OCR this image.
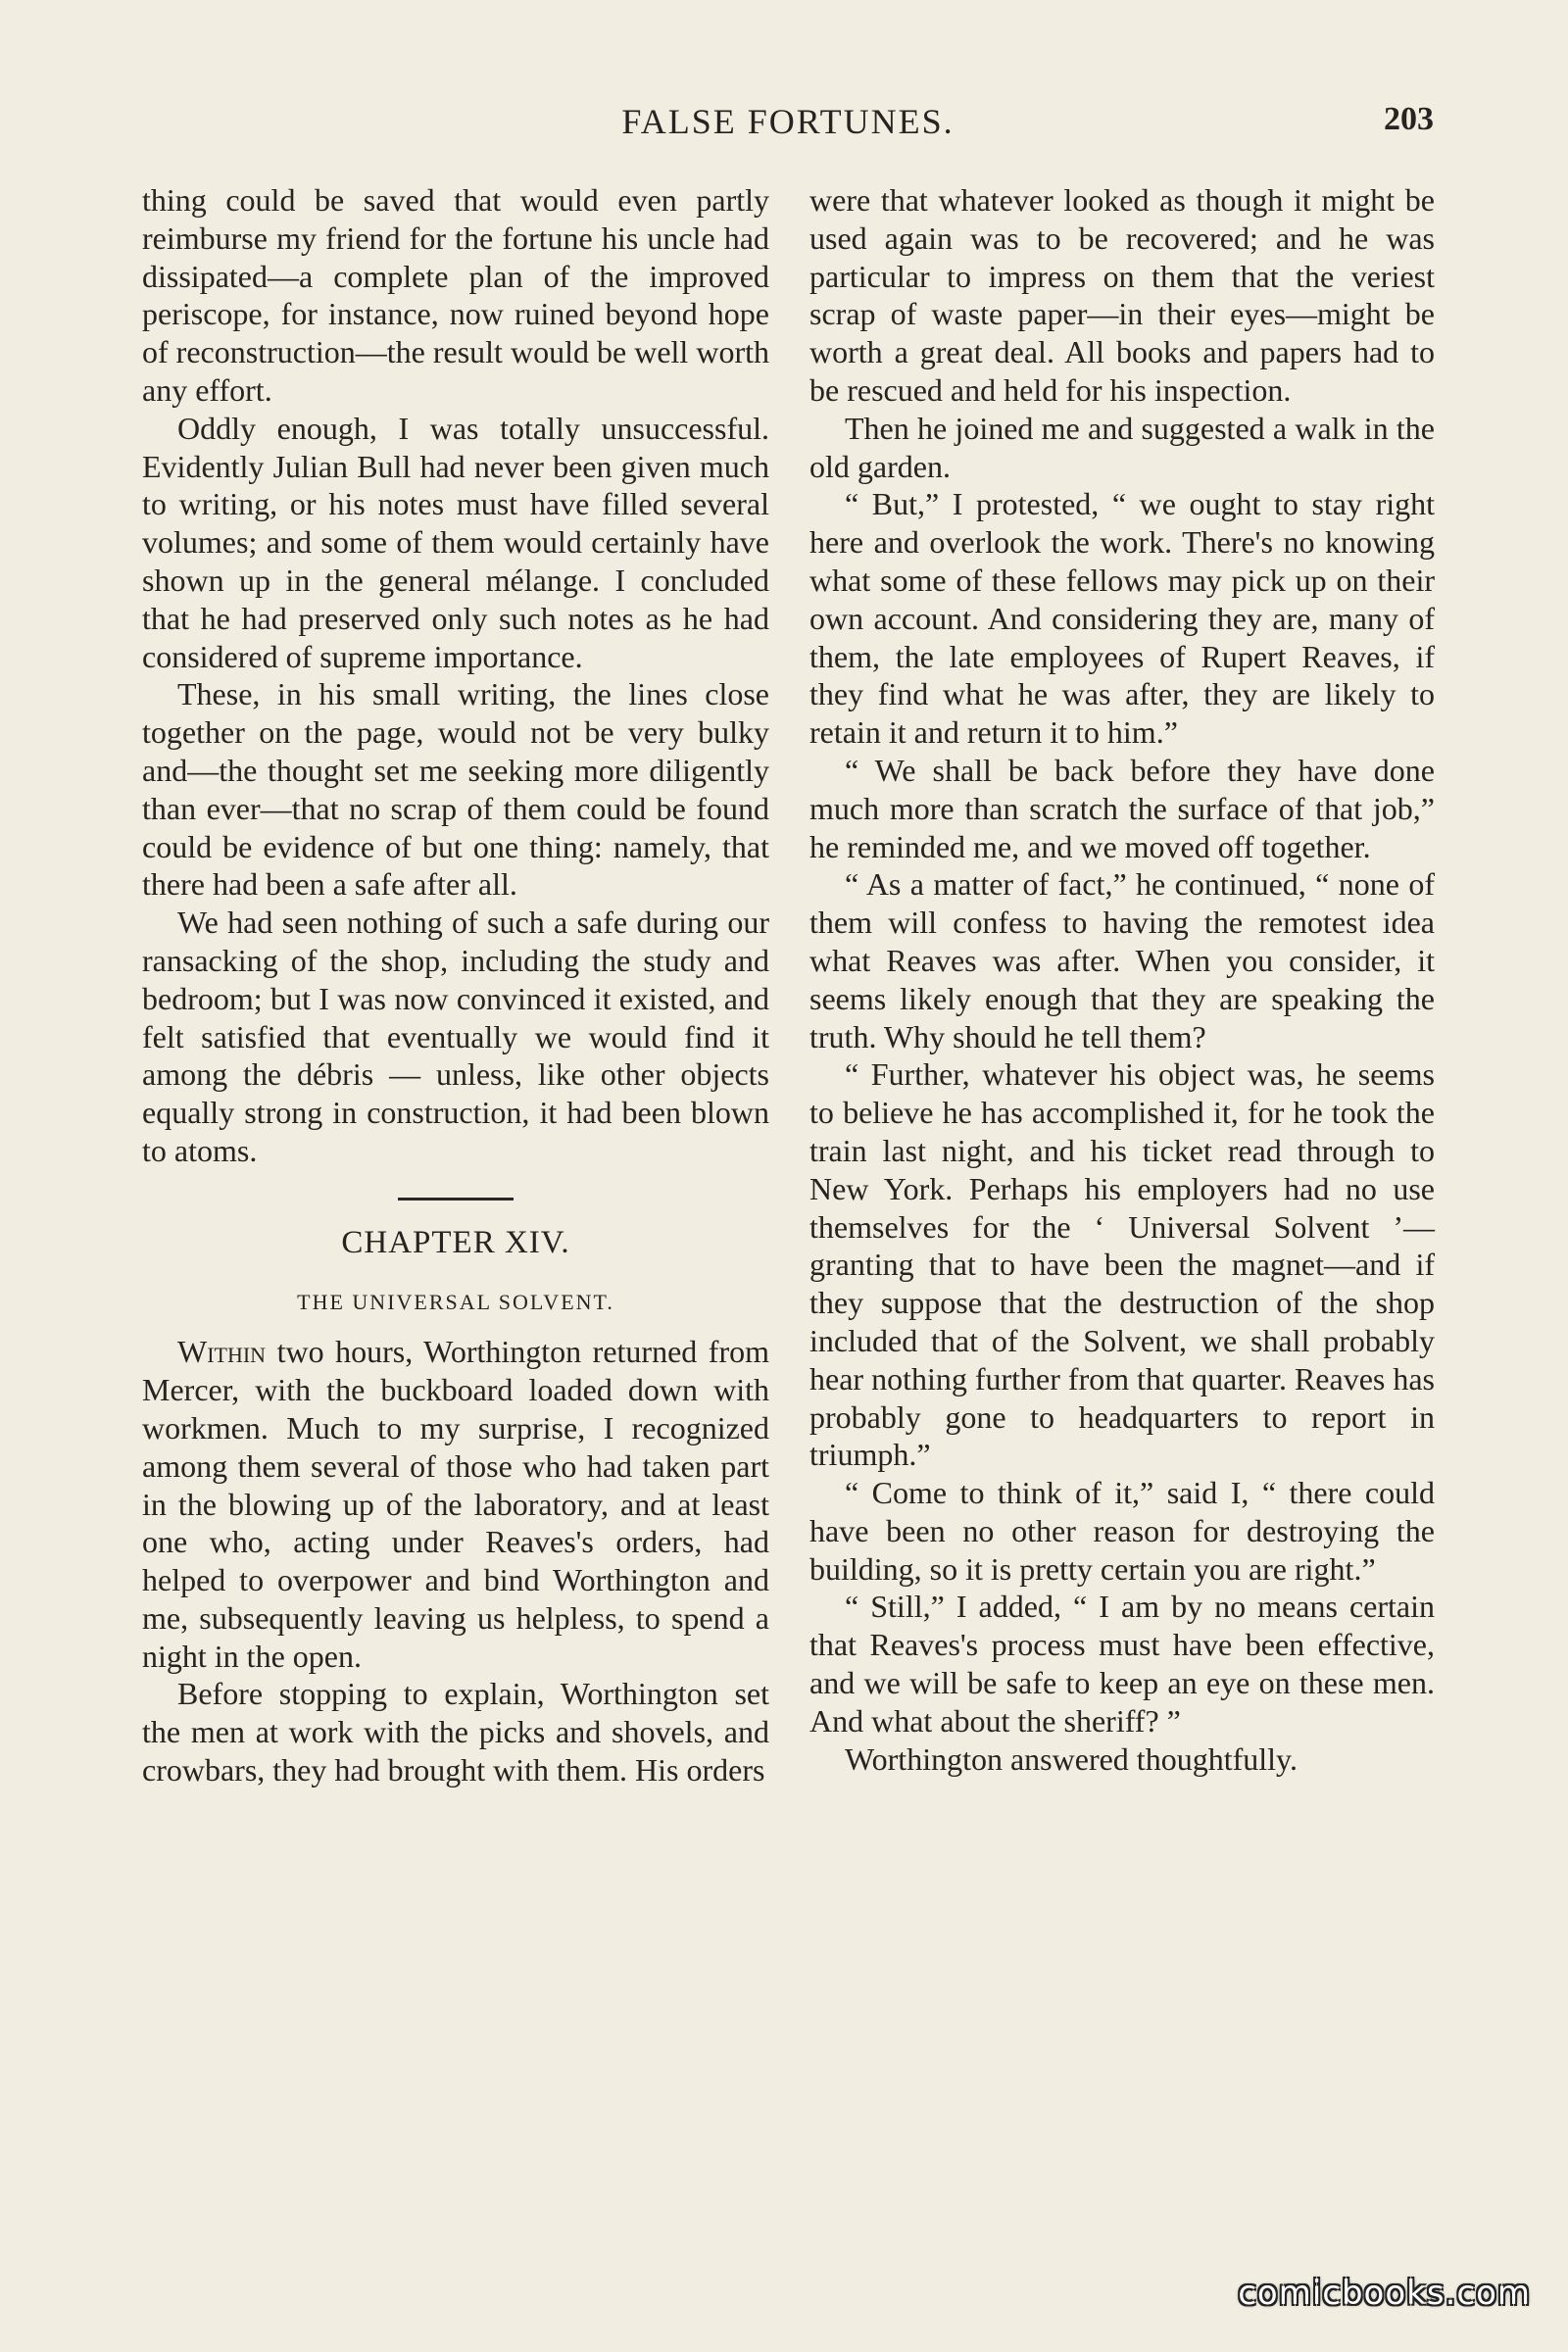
FALSE FORTUNES.	203

thing could be saved that would even partly reimburse my friend for the fortune his uncle had dissipated—a complete plan of the improved periscope, for instance, now ruined beyond hope of reconstruction—the result would be well worth any effort.

Oddly enough, I was totally unsuccessful. Evidently Julian Bull had never been given much to writing, or his notes must have filled several volumes; and some of them would certainly have shown up in the general mélange. I concluded that he had preserved only such notes as he had considered of supreme importance.

These, in his small writing, the lines close together on the page, would not be very bulky and—the thought set me seeking more diligently than ever—that no scrap of them could be found could be evidence of but one thing: namely, that there had been a safe after all.

We had seen nothing of such a safe during our ransacking of the shop, including the study and bedroom; but I was now convinced it existed, and felt satisfied that eventually we would find it among the débris — unless, like other objects equally strong in construction, it had been blown to atoms.

CHAPTER XIV.
THE UNIVERSAL SOLVENT.

Within two hours, Worthington returned from Mercer, with the buckboard loaded down with workmen. Much to my surprise, I recognized among them several of those who had taken part in the blowing up of the laboratory, and at least one who, acting under Reaves's orders, had helped to overpower and bind Worthington and me, subsequently leaving us helpless, to spend a night in the open.

Before stopping to explain, Worthington set the men at work with the picks and shovels, and crowbars, they had brought with them. His orders

were that whatever looked as though it might be used again was to be recovered; and he was particular to impress on them that the veriest scrap of waste paper—in their eyes—might be worth a great deal. All books and papers had to be rescued and held for his inspection.

Then he joined me and suggested a walk in the old garden.

“ But,” I protested, “ we ought to stay right here and overlook the work. There's no knowing what some of these fellows may pick up on their own account. And considering they are, many of them, the late employees of Rupert Reaves, if they find what he was after, they are likely to retain it and return it to him.”

“ We shall be back before they have done much more than scratch the surface of that job,” he reminded me, and we moved off together.

“ As a matter of fact,” he continued, “ none of them will confess to having the remotest idea what Reaves was after. When you consider, it seems likely enough that they are speaking the truth. Why should he tell them?

“ Further, whatever his object was, he seems to believe he has accomplished it, for he took the train last night, and his ticket read through to New York. Perhaps his employers had no use themselves for the ‘ Universal Solvent ’—granting that to have been the magnet—and if they suppose that the destruction of the shop included that of the Solvent, we shall probably hear nothing further from that quarter. Reaves has probably gone to headquarters to report in triumph.”

“ Come to think of it,” said I, “ there could have been no other reason for destroying the building, so it is pretty certain you are right.”

“ Still,” I added, “ I am by no means certain that Reaves's process must have been effective, and we will be safe to keep an eye on these men. And what about the sheriff? ”

Worthington answered thoughtfully.

comicbooks.com
